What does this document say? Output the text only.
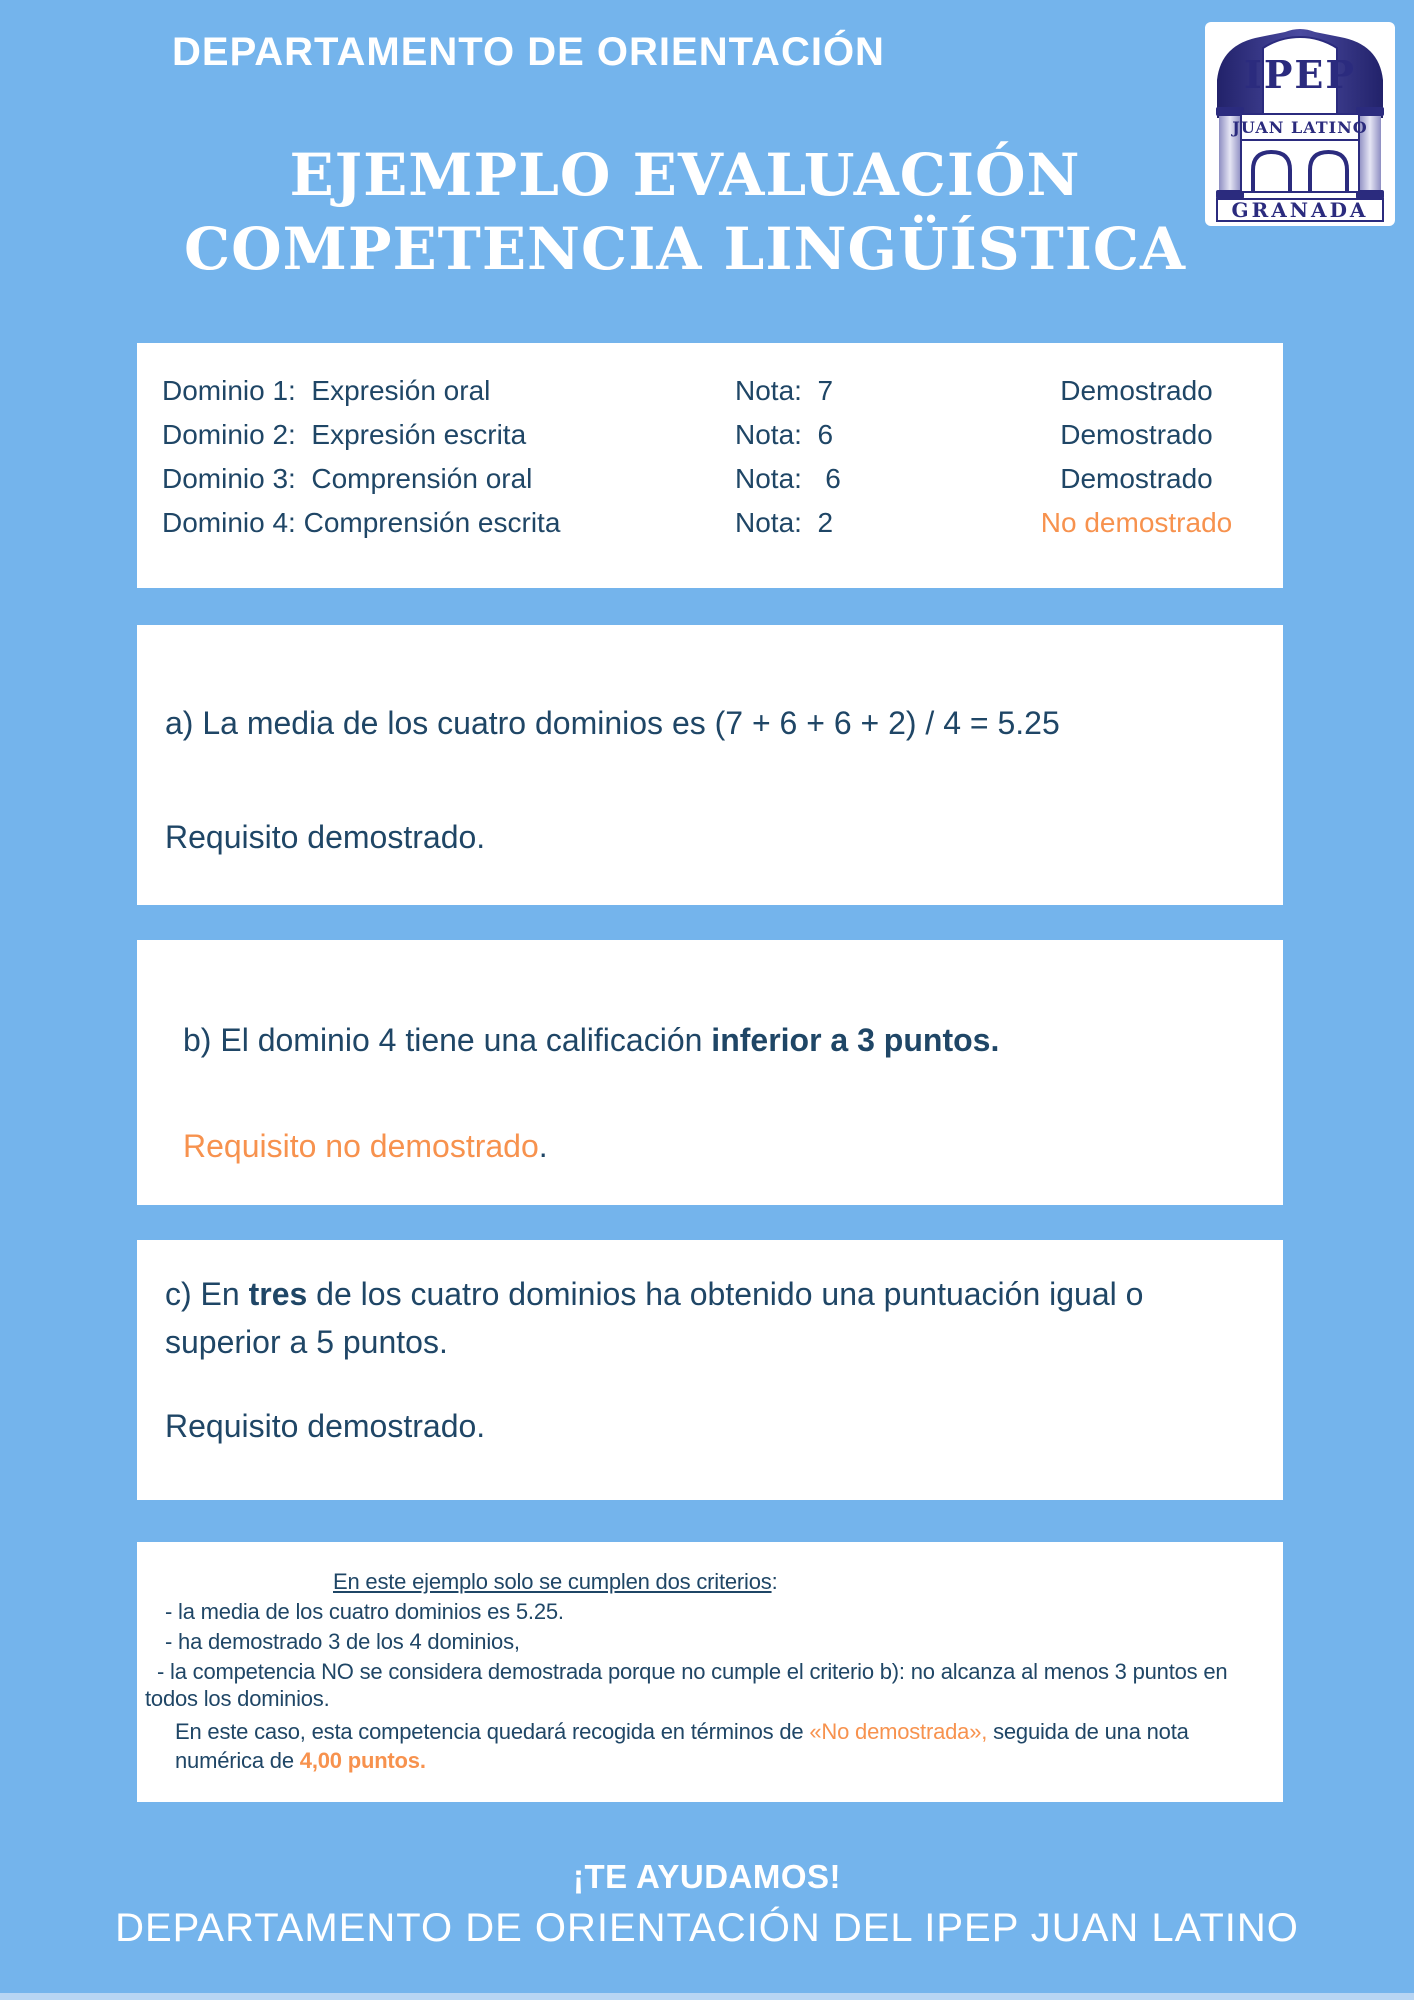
DEPARTAMENTO DE ORIENTACIÓN	IPEP
JUAN LATINO
GRANADA
EJEMPLO EVALUACIÓN
COMPETENCIA LINGÜÍSTICA
Dominio 1:  Expresión oral	Nota:  7	Demostrado
Dominio 2:  Expresión escrita	Nota:  6	Demostrado
Dominio 3:  Comprensión oral	Nota:   6	Demostrado
Dominio 4: Comprensión escrita	Nota:  2	No demostrado

a) La media de los cuatro dominios es (7 + 6 + 6 + 2) / 4 = 5.25

Requisito demostrado.

b) El dominio 4 tiene una calificación inferior a 3 puntos.

Requisito no demostrado.

c) En tres de los cuatro dominios ha obtenido una puntuación igual o superior a 5 puntos.

Requisito demostrado.

En este ejemplo solo se cumplen dos criterios:

- la media de los cuatro dominios es 5.25.

- ha demostrado 3 de los 4 dominios,

- la competencia NO se considera demostrada porque no cumple el criterio b): no alcanza al menos 3 puntos en todos los dominios.

En este caso, esta competencia quedará recogida en términos de «No demostrada», seguida de una nota numérica de 4,00 puntos.

¡TE AYUDAMOS!
DEPARTAMENTO DE ORIENTACIÓN DEL IPEP JUAN LATINO
